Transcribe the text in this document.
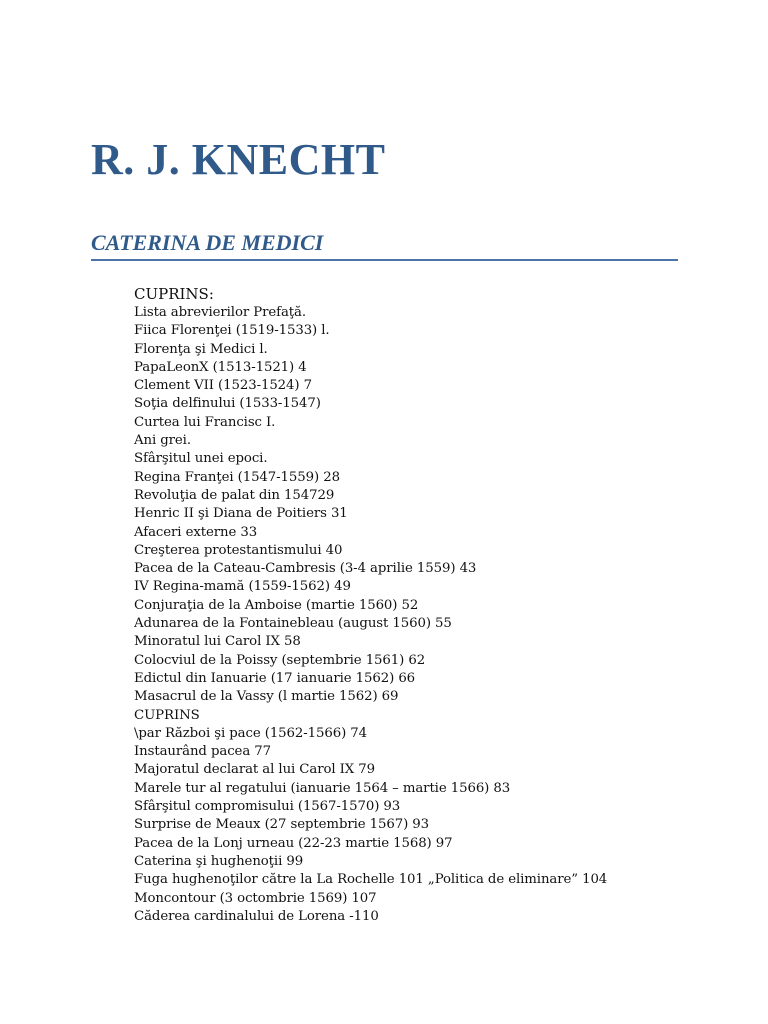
R. J. KNECHT
CATERINA DE MEDICI
CUPRINS:
Lista abrevierilor Prefaţă.
Fiica Florenţei (1519-1533) l.
Florenţa şi Medici l.
PapaLeonX (1513-1521) 4
Clement VII (1523-1524) 7
Soţia delfinului (1533-1547)
Curtea lui Francisc I.
Ani grei.
Sfârşitul unei epoci.
Regina Franţei (1547-1559) 28
Revoluţia de palat din 154729
Henric II şi Diana de Poitiers 31
Afaceri externe 33
Creşterea protestantismului 40
Pacea de la Cateau-Cambresis (3-4 aprilie 1559) 43
IV Regina-mamă (1559-1562) 49
Conjuraţia de la Amboise (martie 1560) 52
Adunarea de la Fontainebleau (august 1560) 55
Minoratul lui Carol IX 58
Colocviul de la Poissy (septembrie 1561) 62
Edictul din Ianuarie (17 ianuarie 1562) 66
Masacrul de la Vassy (l martie 1562) 69
CUPRINS
\par Război şi pace (1562-1566) 74
Instaurând pacea 77
Majoratul declarat al lui Carol IX 79
Marele tur al regatului (ianuarie 1564 – martie 1566) 83
Sfârşitul compromisului (1567-1570) 93
Surprise de Meaux (27 septembrie 1567) 93
Pacea de la Lonj urneau (22-23 martie 1568) 97
Caterina şi hughenoţii 99
Fuga hughenoţilor către la La Rochelle 101 „Politica de eliminare” 104
Moncontour (3 octombrie 1569) 107
Căderea cardinalului de Lorena -110
